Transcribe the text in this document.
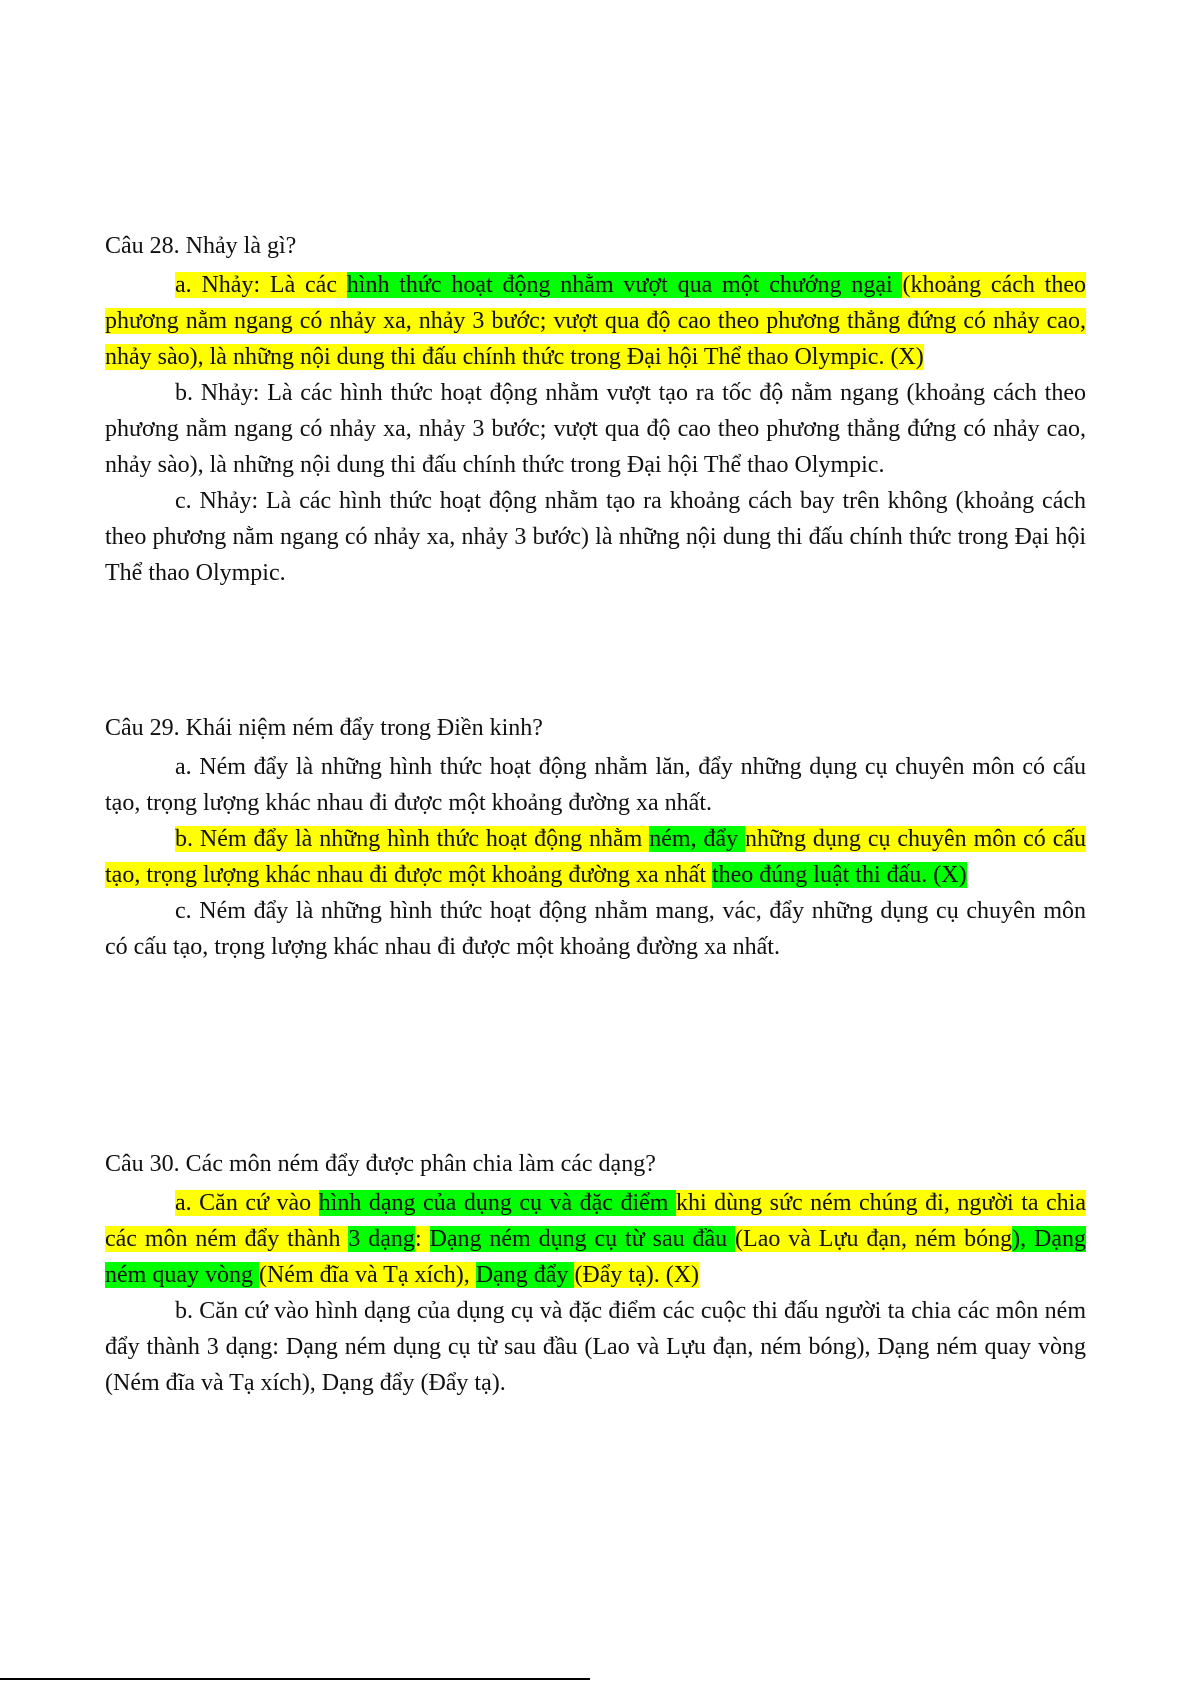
Câu 28. Nhảy là gì?

a. Nhảy: Là các hình thức hoạt động nhằm vượt qua một chướng ngại (khoảng cách theo phương nằm ngang có nhảy xa, nhảy 3 bước; vượt qua độ cao theo phương thẳng đứng có nhảy cao, nhảy sào), là những nội dung thi đấu chính thức trong Đại hội Thể thao Olympic. (X)

b. Nhảy: Là các hình thức hoạt động nhằm vượt tạo ra tốc độ nằm ngang (khoảng cách theo phương nằm ngang có nhảy xa, nhảy 3 bước; vượt qua độ cao theo phương thẳng đứng có nhảy cao, nhảy sào), là những nội dung thi đấu chính thức trong Đại hội Thể thao Olympic.

c. Nhảy: Là các hình thức hoạt động nhằm tạo ra khoảng cách bay trên không (khoảng cách theo phương nằm ngang có nhảy xa, nhảy 3 bước) là những nội dung thi đấu chính thức trong Đại hội Thể thao Olympic.

Câu 29. Khái niệm ném đẩy trong Điền kinh?

a. Ném đẩy là những hình thức hoạt động nhằm lăn, đẩy những dụng cụ chuyên môn có cấu tạo, trọng lượng khác nhau đi được một khoảng đường xa nhất.

b. Ném đẩy là những hình thức hoạt động nhằm ném, đẩy những dụng cụ chuyên môn có cấu tạo, trọng lượng khác nhau đi được một khoảng đường xa nhất theo đúng luật thi đấu. (X)

c. Ném đẩy là những hình thức hoạt động nhằm mang, vác, đẩy những dụng cụ chuyên môn có cấu tạo, trọng lượng khác nhau đi được một khoảng đường xa nhất.

Câu 30. Các môn ném đẩy được phân chia làm các dạng?

a. Căn cứ vào hình dạng của dụng cụ và đặc điểm khi dùng sức ném chúng đi, người ta chia các môn ném đẩy thành 3 dạng: Dạng ném dụng cụ từ sau đầu (Lao và Lựu đạn, ném bóng), Dạng ném quay vòng (Ném đĩa và Tạ xích), Dạng đẩy (Đẩy tạ). (X)

b. Căn cứ vào hình dạng của dụng cụ và đặc điểm các cuộc thi đấu người ta chia các môn ném đẩy thành 3 dạng: Dạng ném dụng cụ từ sau đầu (Lao và Lựu đạn, ném bóng), Dạng ném quay vòng (Ném đĩa và Tạ xích), Dạng đẩy (Đẩy tạ).
